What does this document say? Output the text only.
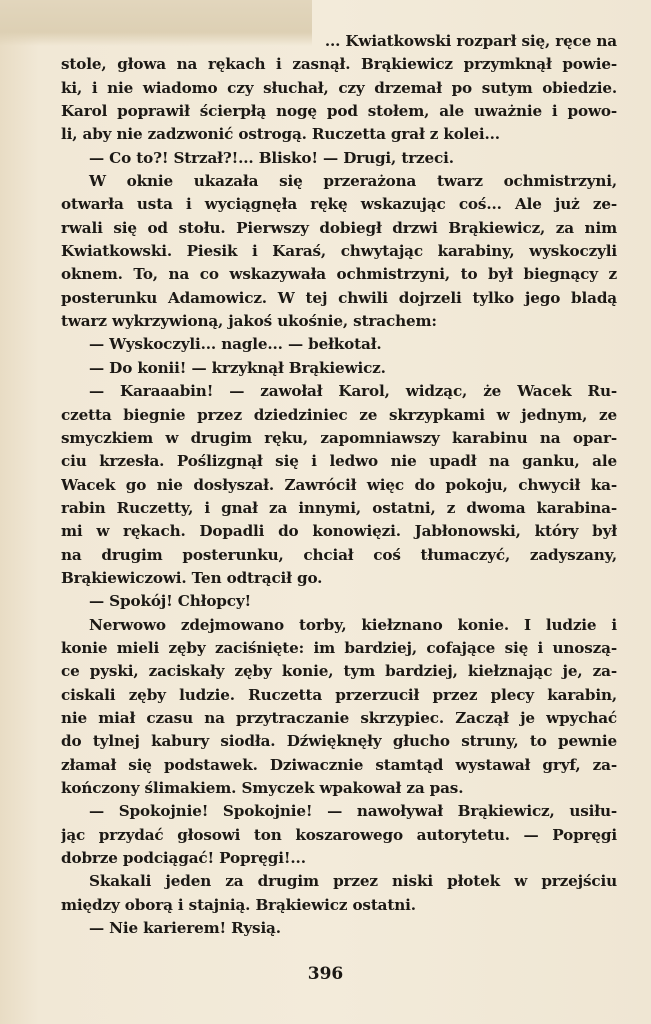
... Kwiatkowski rozparł się, ręce na
stole, głowa na rękach i zasnął. Brąkiewicz przymknął powie-
ki, i nie wiadomo czy słuchał, czy drzemał po sutym obiedzie.
Karol poprawił ścierpłą nogę pod stołem, ale uważnie i powo-
li, aby nie zadzwonić ostrogą. Ruczetta grał z kolei...
— Co to?! Strzał?!... Blisko! — Drugi, trzeci.
W oknie ukazała się przerażona twarz ochmistrzyni,
otwarła usta i wyciągnęła rękę wskazując coś... Ale już ze-
rwali się od stołu. Pierwszy dobiegł drzwi Brąkiewicz, za nim
Kwiatkowski. Piesik i Karaś, chwytając karabiny, wyskoczyli
oknem. To, na co wskazywała ochmistrzyni, to był biegnący z
posterunku Adamowicz. W tej chwili dojrzeli tylko jego bladą
twarz wykrzywioną, jakoś ukośnie, strachem:
— Wyskoczyli... nagle... — bełkotał.
— Do konii! — krzyknął Brąkiewicz.
— Karaaabin! — zawołał Karol, widząc, że Wacek Ru-
czetta biegnie przez dziedziniec ze skrzypkami w jednym, ze
smyczkiem w drugim ręku, zapomniawszy karabinu na opar-
ciu krzesła. Poślizgnął się i ledwo nie upadł na ganku, ale
Wacek go nie dosłyszał. Zawrócił więc do pokoju, chwycił ka-
rabin Ruczetty, i gnał za innymi, ostatni, z dwoma karabina-
mi w rękach. Dopadli do konowięzi. Jabłonowski, który był
na drugim posterunku, chciał coś tłumaczyć, zadyszany,
Brąkiewiczowi. Ten odtrącił go.
— Spokój! Chłopcy!
Nerwowo zdejmowano torby, kiełznano konie. I ludzie i
konie mieli zęby zaciśnięte: im bardziej, cofające się i unoszą-
ce pyski, zaciskały zęby konie, tym bardziej, kiełznając je, za-
ciskali zęby ludzie. Ruczetta przerzucił przez plecy karabin,
nie miał czasu na przytraczanie skrzypiec. Zaczął je wpychać
do tylnej kabury siodła. Dźwięknęły głucho struny, to pewnie
złamał się podstawek. Dziwacznie stamtąd wystawał gryf, za-
kończony ślimakiem. Smyczek wpakował za pas.
— Spokojnie! Spokojnie! — nawoływał Brąkiewicz, usiłu-
jąc przydać głosowi ton koszarowego autorytetu. — Popręgi
dobrze podciągać! Popręgi!...
Skakali jeden za drugim przez niski płotek w przejściu
między oborą i stajnią. Brąkiewicz ostatni.
— Nie karierem! Rysią.
396
